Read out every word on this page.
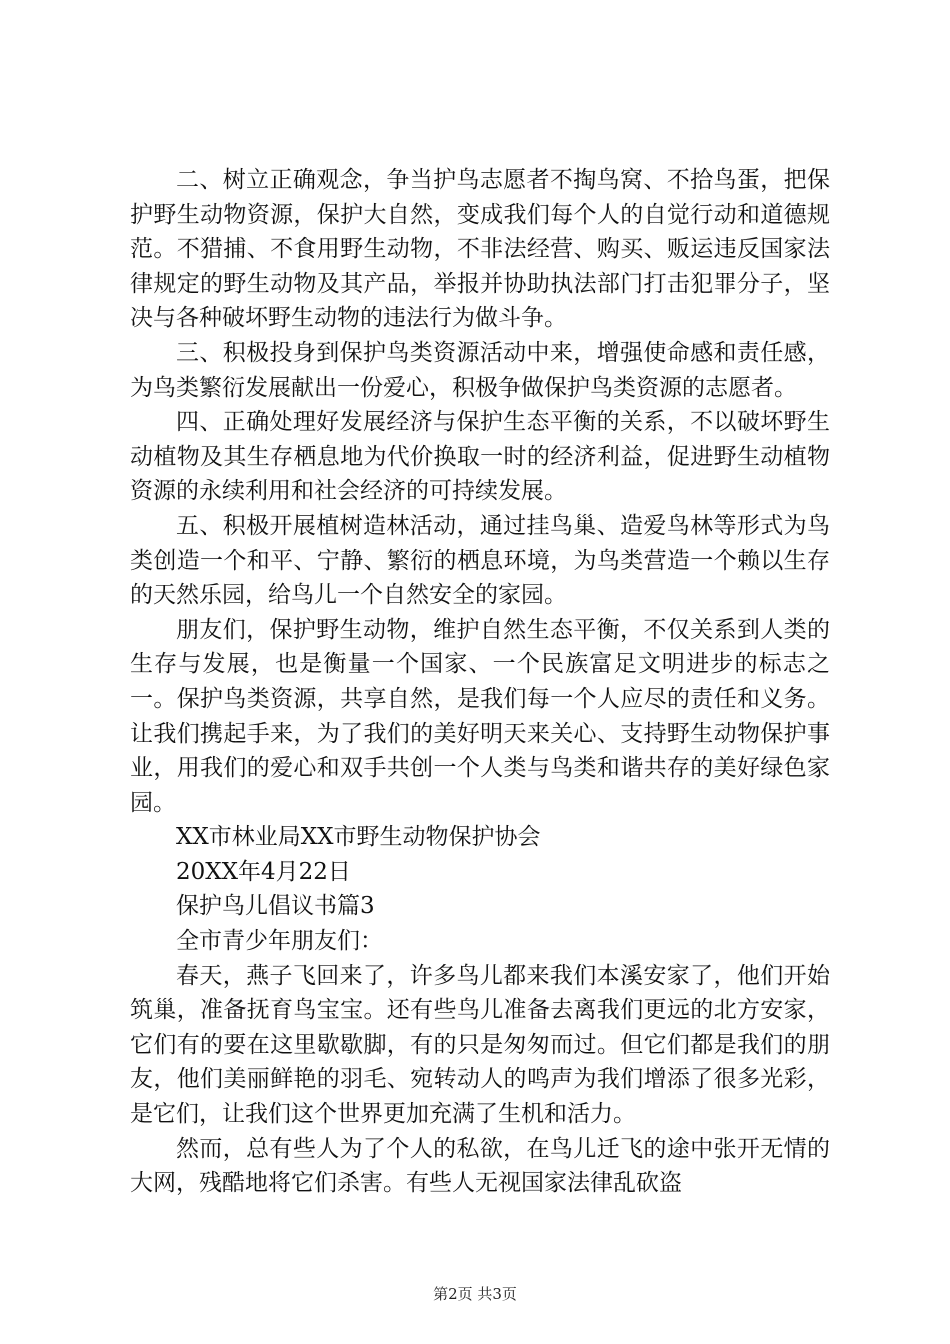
二、树立正确观念，争当护鸟志愿者不掏鸟窝、不拾鸟蛋，把保护野生动物资源，保护大自然，变成我们每个人的自觉行动和道德规范。不猎捕、不食用野生动物，不非法经营、购买、贩运违反国家法律规定的野生动物及其产品，举报并协助执法部门打击犯罪分子，坚决与各种破坏野生动物的违法行为做斗争。

三、积极投身到保护鸟类资源活动中来，增强使命感和责任感，为鸟类繁衍发展献出一份爱心，积极争做保护鸟类资源的志愿者。

四、正确处理好发展经济与保护生态平衡的关系，不以破坏野生动植物及其生存栖息地为代价换取一时的经济利益，促进野生动植物资源的永续利用和社会经济的可持续发展。

五、积极开展植树造林活动，通过挂鸟巢、造爱鸟林等形式为鸟类创造一个和平、宁静、繁衍的栖息环境，为鸟类营造一个赖以生存的天然乐园，给鸟儿一个自然安全的家园。

朋友们，保护野生动物，维护自然生态平衡，不仅关系到人类的生存与发展，也是衡量一个国家、一个民族富足文明进步的标志之一。保护鸟类资源，共享自然，是我们每一个人应尽的责任和义务。让我们携起手来，为了我们的美好明天来关心、支持野生动物保护事业，用我们的爱心和双手共创一个人类与鸟类和谐共存的美好绿色家园。

XX市林业局XX市野生动物保护协会

20XX年4月22日

保护鸟儿倡议书篇3

全市青少年朋友们：

春天，燕子飞回来了，许多鸟儿都来我们本溪安家了，他们开始筑巢，准备抚育鸟宝宝。还有些鸟儿准备去离我们更远的北方安家，它们有的要在这里歇歇脚，有的只是匆匆而过。但它们都是我们的朋友，他们美丽鲜艳的羽毛、宛转动人的鸣声为我们增添了很多光彩，是它们，让我们这个世界更加充满了生机和活力。

然而，总有些人为了个人的私欲，在鸟儿迁飞的途中张开无情的大网，残酷地将它们杀害。有些人无视国家法律乱砍盗

第2页 共3页
